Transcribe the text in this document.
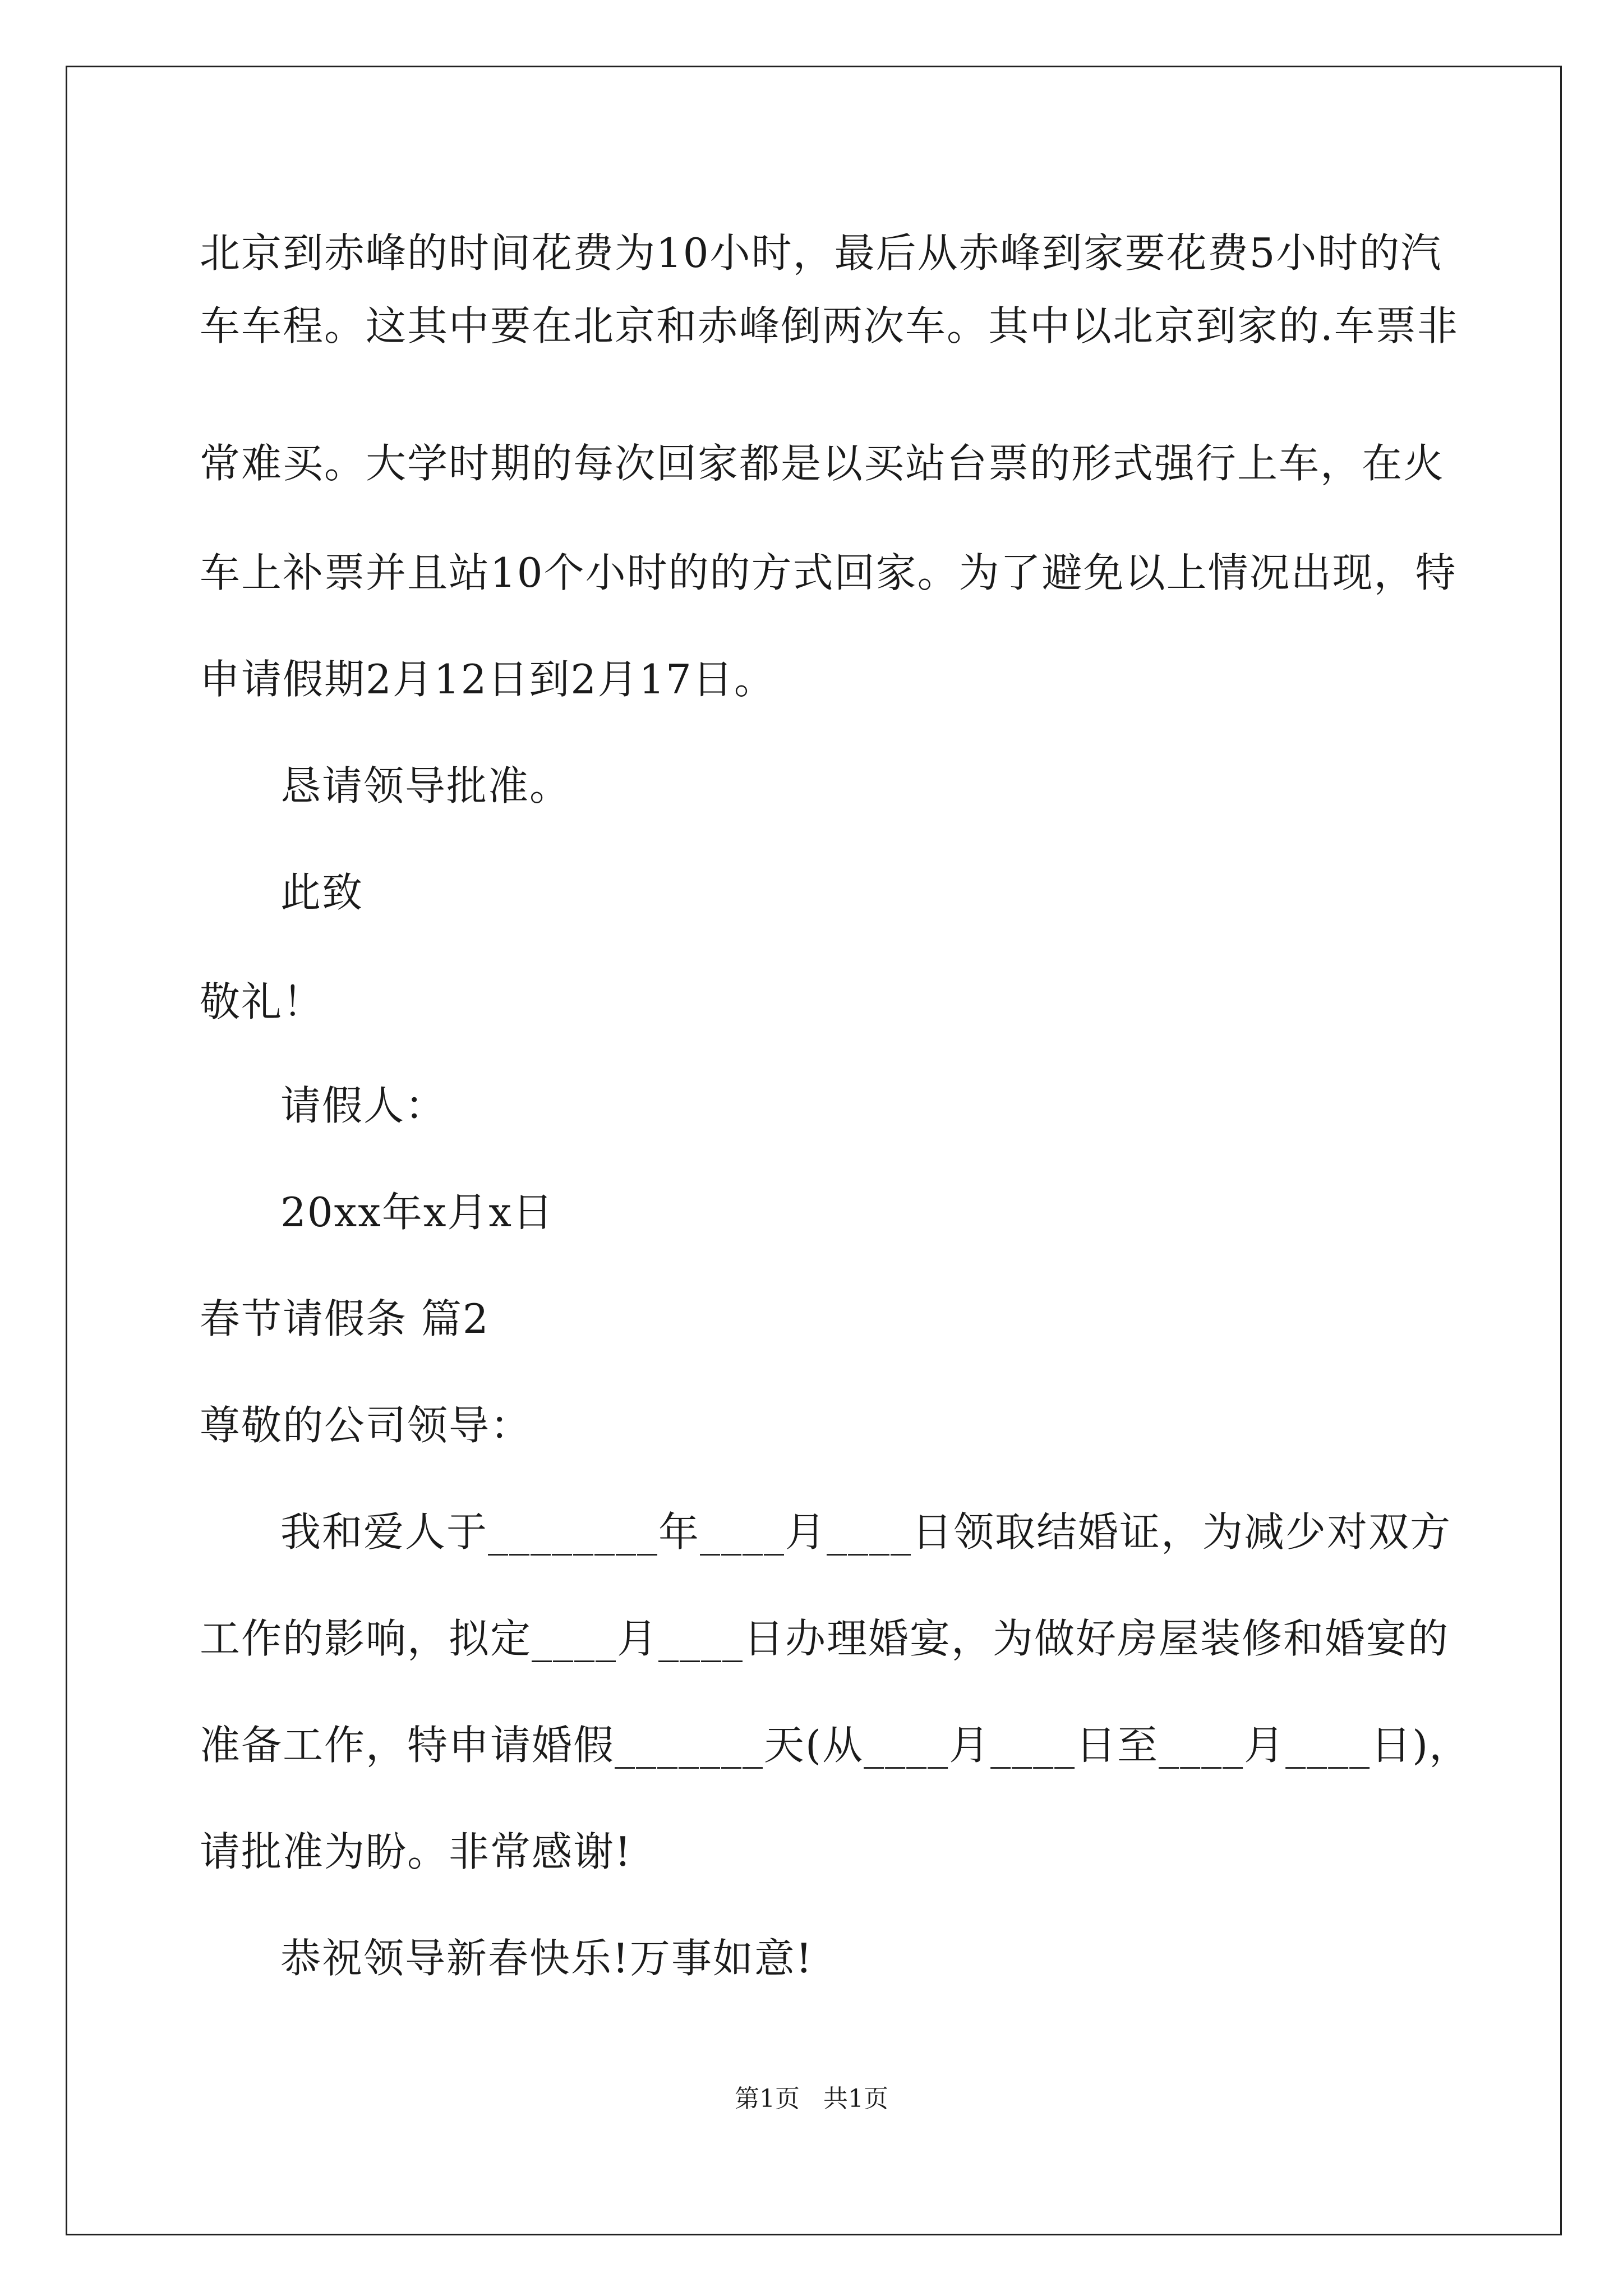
北京到赤峰的时间花费为10小时，最后从赤峰到家要花费5小时的汽
车车程。这其中要在北京和赤峰倒两次车。其中以北京到家的.车票非
常难买。大学时期的每次回家都是以买站台票的形式强行上车，在火
车上补票并且站10个小时的的方式回家。为了避免以上情况出现，特
申请假期2月12日到2月17日。
恳请领导批准。
此致
敬礼！
请假人：
20xx年x月x日
春节请假条 篇2
尊敬的公司领导：
我和爱人于________年____月____日领取结婚证，为减少对双方
工作的影响，拟定____月____日办理婚宴，为做好房屋装修和婚宴的
准备工作，特申请婚假_______天(从____月____日至____月____日)，
请批准为盼。非常感谢!
恭祝领导新春快乐!万事如意!
第1页   共1页
